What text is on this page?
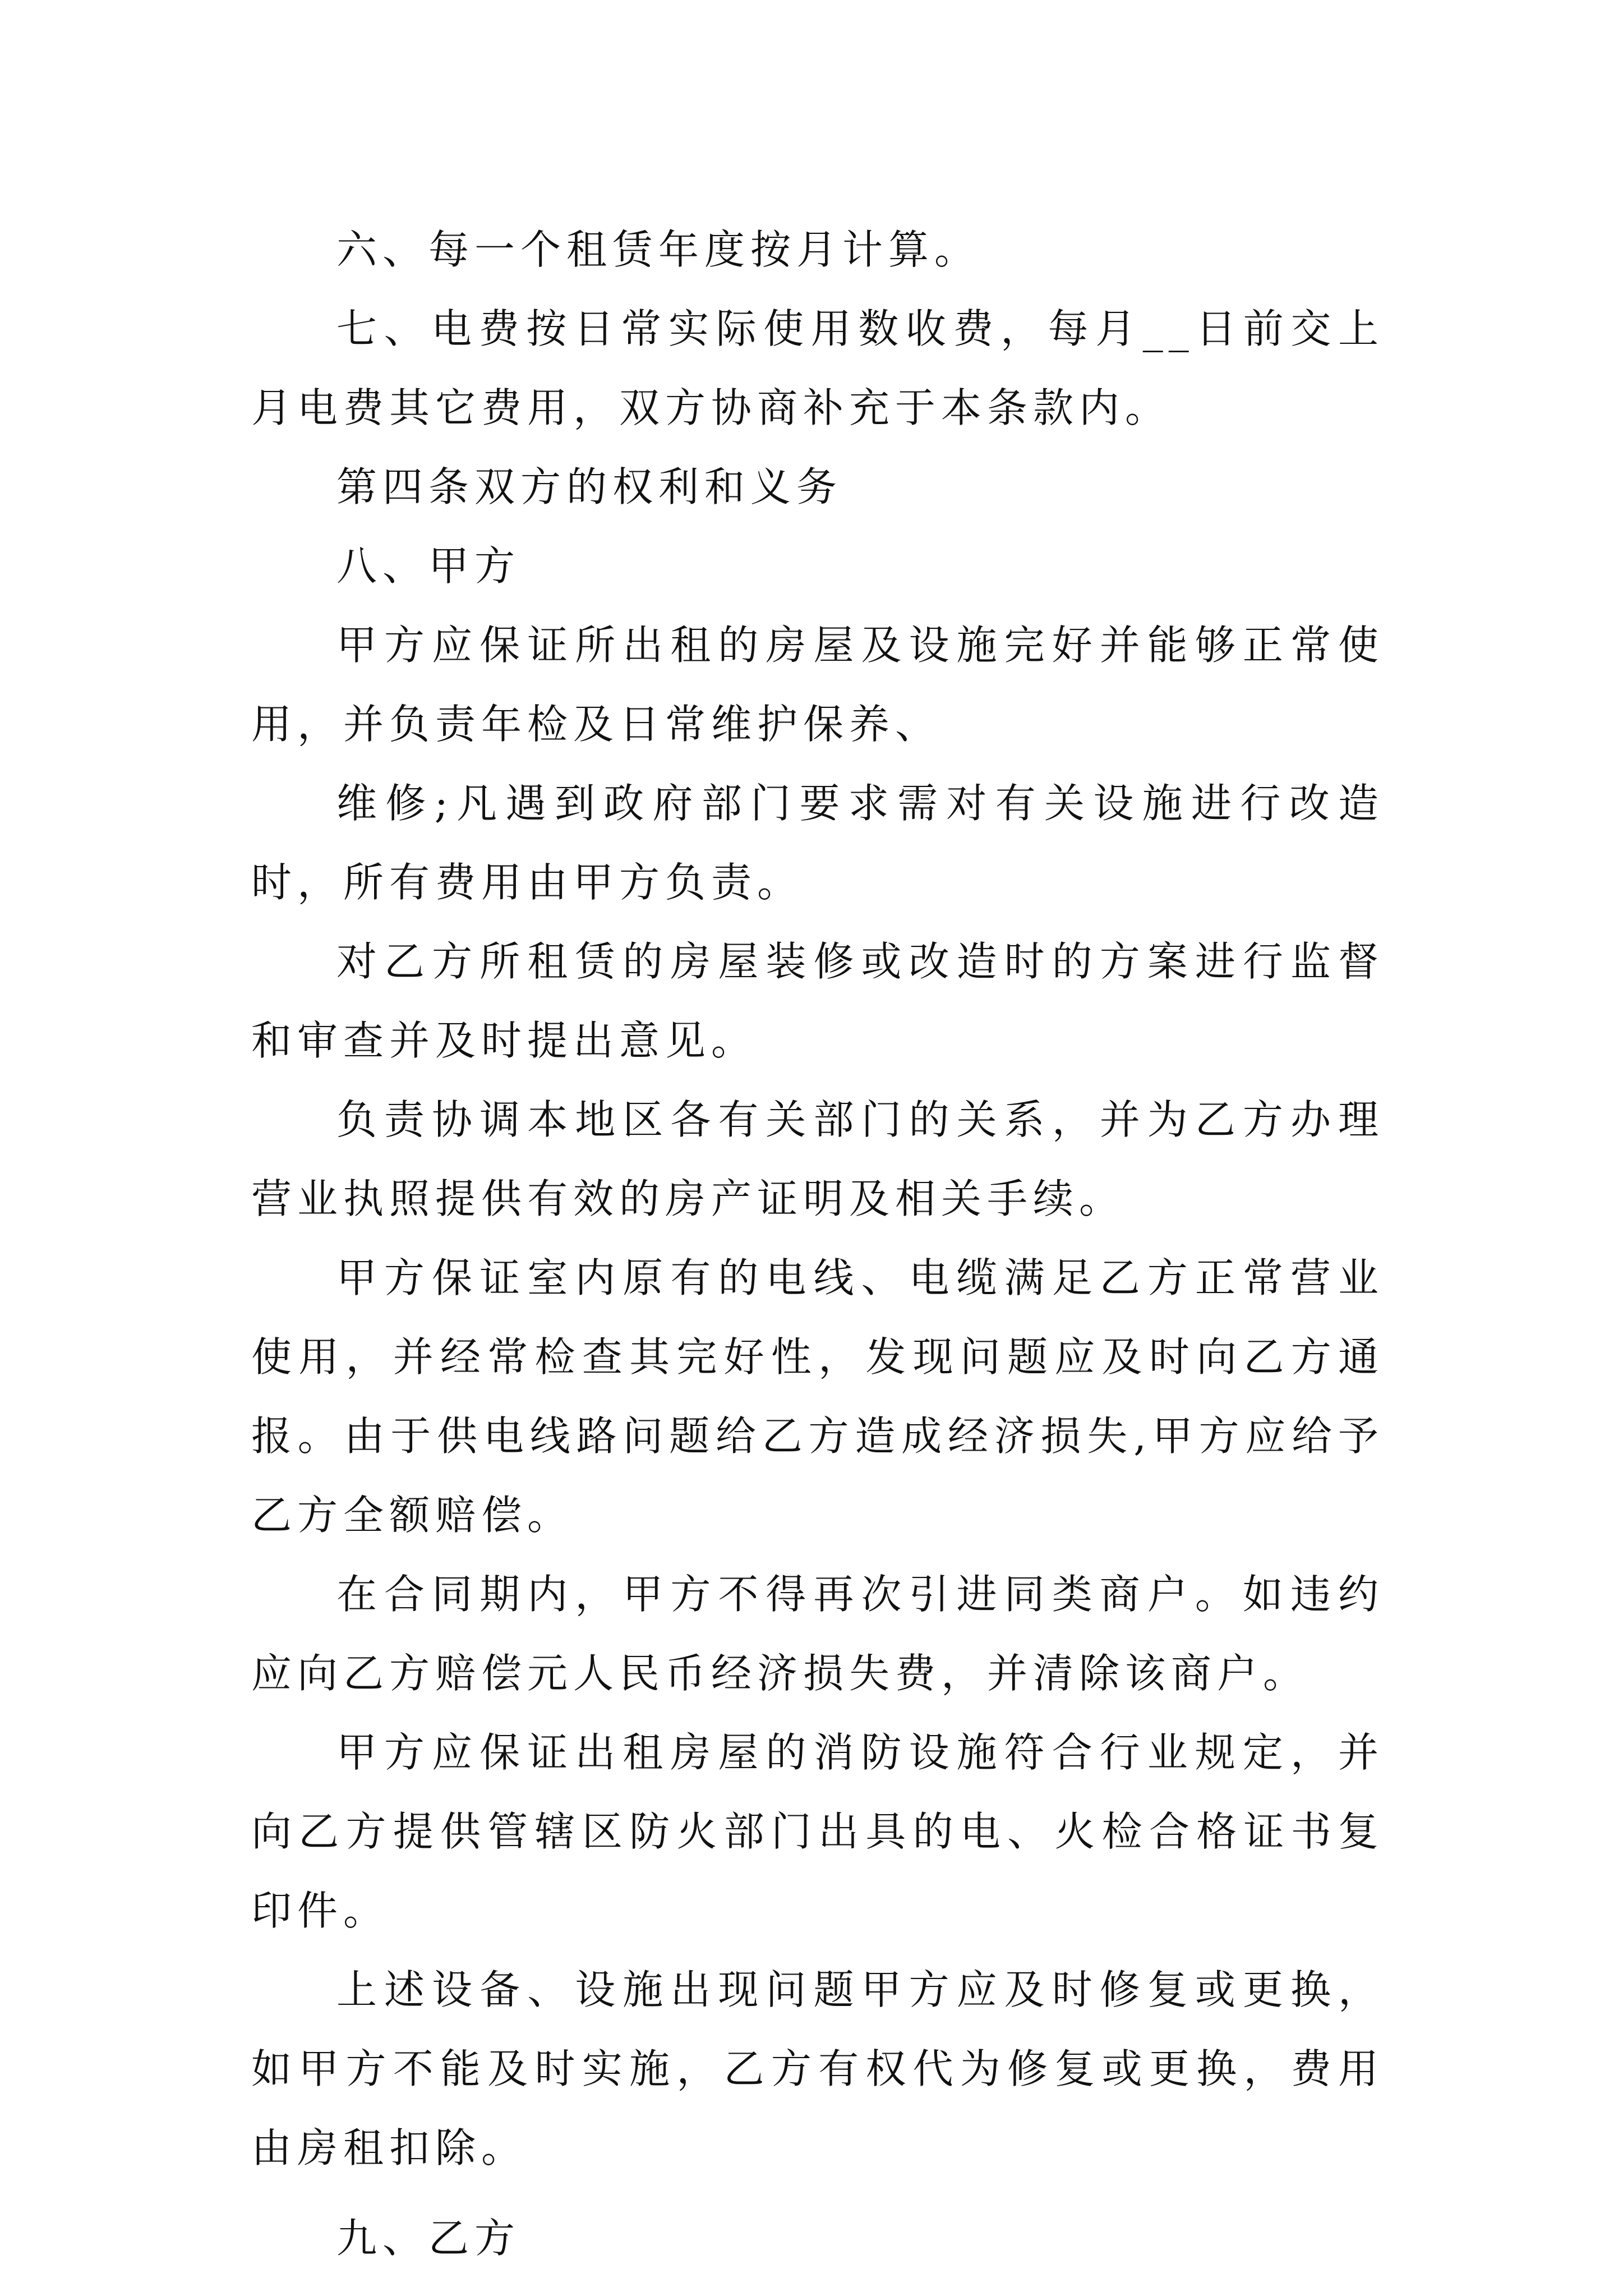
六、每一个租赁年度按月计算。

七、电费按日常实际使用数收费，每月__日前交上月电费其它费用，双方协商补充于本条款内。

第四条双方的权利和义务

八、甲方

甲方应保证所出租的房屋及设施完好并能够正常使用，并负责年检及日常维护保养、

维修;凡遇到政府部门要求需对有关设施进行改造时，所有费用由甲方负责。

对乙方所租赁的房屋装修或改造时的方案进行监督和审查并及时提出意见。

负责协调本地区各有关部门的关系，并为乙方办理营业执照提供有效的房产证明及相关手续。

甲方保证室内原有的电线、电缆满足乙方正常营业使用，并经常检查其完好性，发现问题应及时向乙方通报。由于供电线路问题给乙方造成经济损失,甲方应给予乙方全额赔偿。

在合同期内，甲方不得再次引进同类商户。如违约应向乙方赔偿元人民币经济损失费，并清除该商户。

甲方应保证出租房屋的消防设施符合行业规定，并向乙方提供管辖区防火部门出具的电、火检合格证书复印件。

上述设备、设施出现问题甲方应及时修复或更换，如甲方不能及时实施，乙方有权代为修复或更换，费用由房租扣除。

九、乙方
